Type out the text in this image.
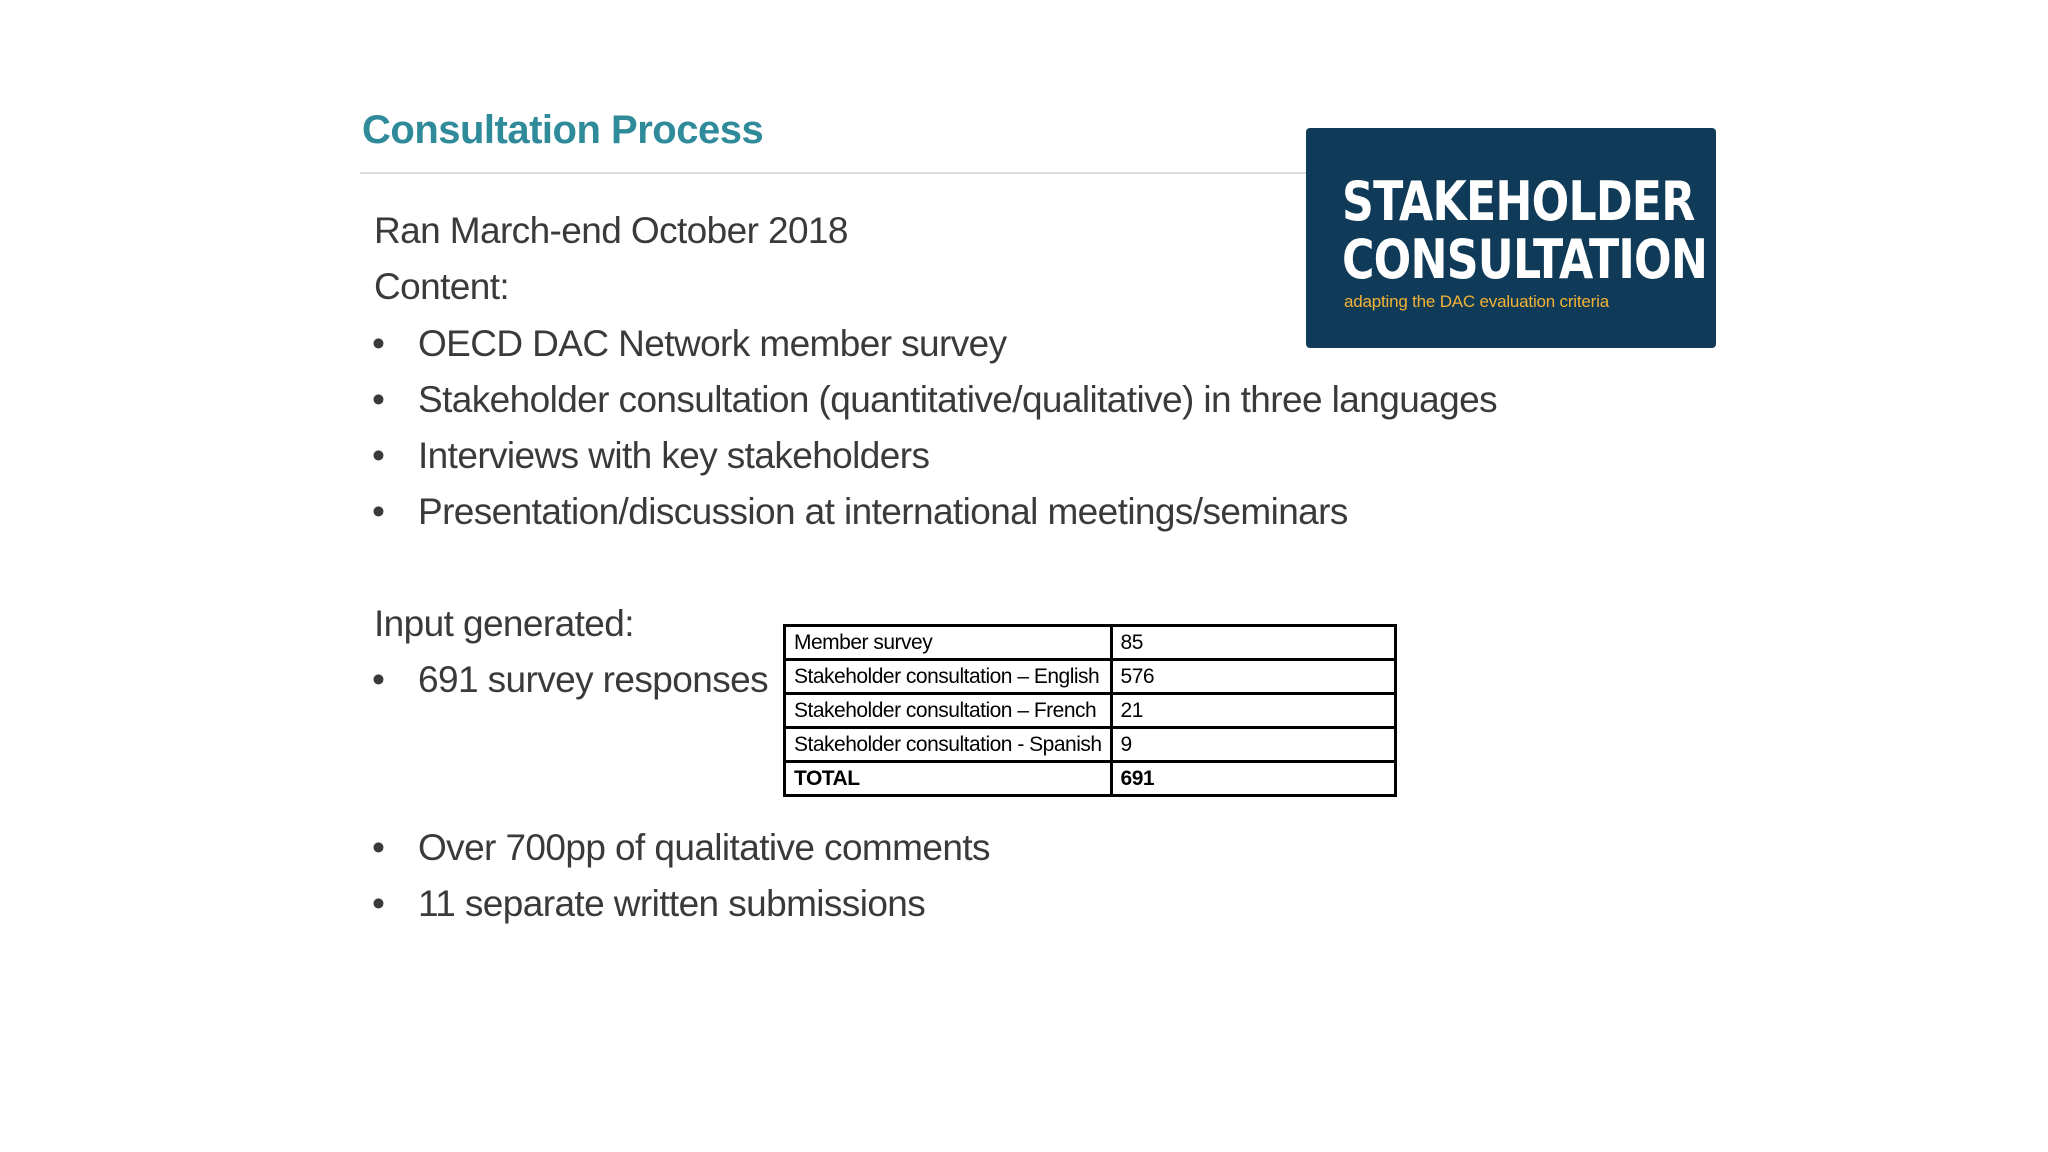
Consultation Process
STAKEHOLDER
CONSULTATION
adapting the DAC evaluation criteria
Ran March-end October 2018
Content:
• OECD DAC Network member survey
• Stakeholder consultation (quantitative/qualitative) in three languages
• Interviews with key stakeholders
• Presentation/discussion at international meetings/seminars
Input generated:
• 691 survey responses
Member survey	85
Stakeholder consultation – English	576
Stakeholder consultation – French	21
Stakeholder consultation - Spanish	9
TOTAL	691
• Over 700pp of qualitative comments
• 11 separate written submissions
